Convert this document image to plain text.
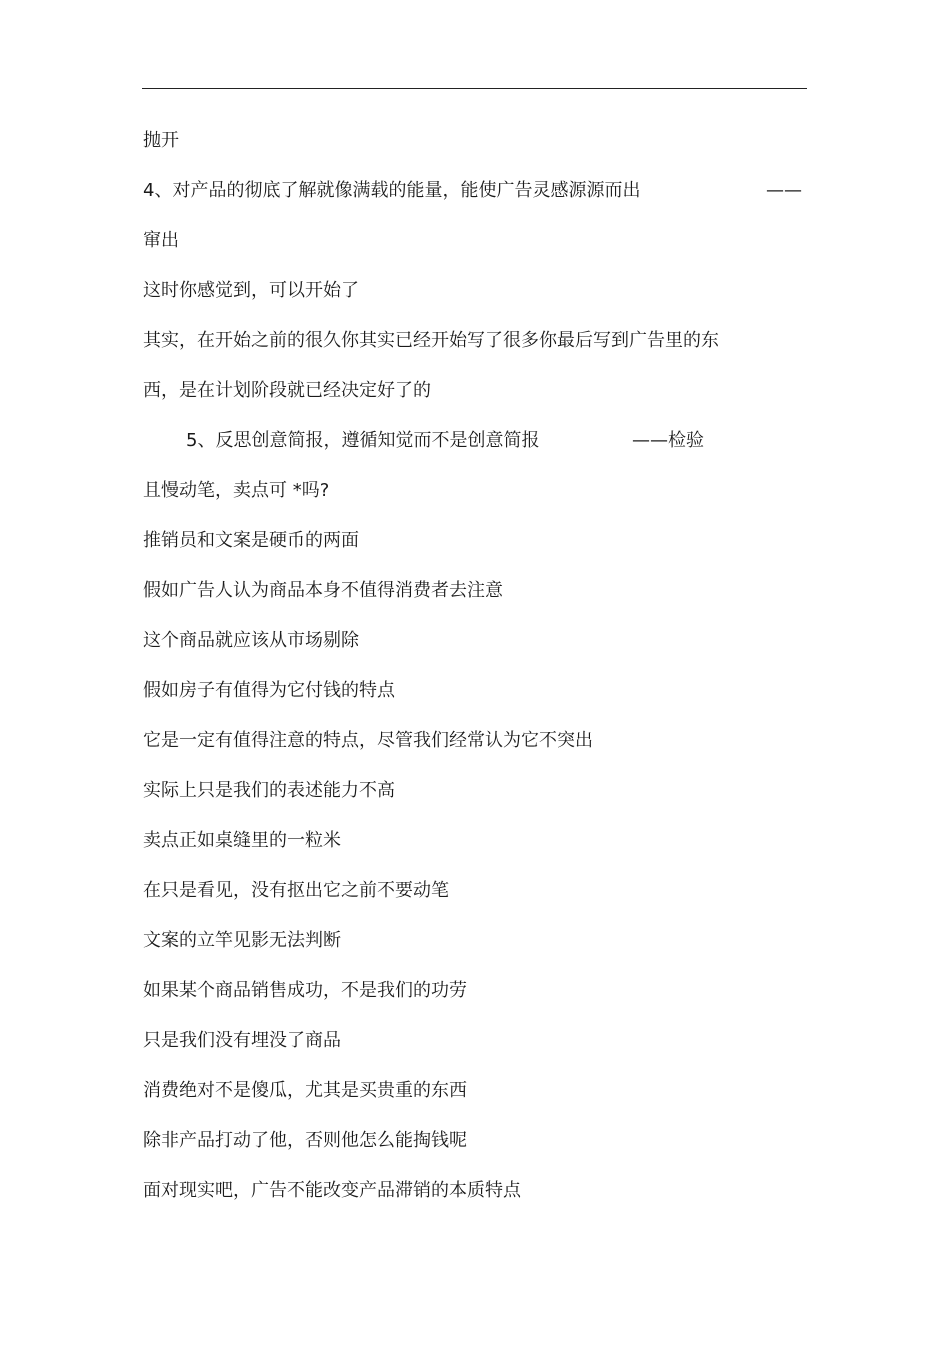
抛开
4、对产品的彻底了解就像满载的能量，能使广告灵感源源而出	——
窜出
这时你感觉到，可以开始了
其实，在开始之前的很久你其实已经开始写了很多你最后写到广告里的东
西，是在计划阶段就已经决定好了的
5、反思创意简报，遵循知觉而不是创意简报	——检验
且慢动笔，卖点可 *吗?
推销员和文案是硬币的两面
假如广告人认为商品本身不值得消费者去注意
这个商品就应该从市场剔除
假如房子有值得为它付钱的特点
它是一定有值得注意的特点，尽管我们经常认为它不突出
实际上只是我们的表述能力不高
卖点正如桌缝里的一粒米
在只是看见，没有抠出它之前不要动笔
文案的立竿见影无法判断
如果某个商品销售成功，不是我们的功劳
只是我们没有埋没了商品
消费绝对不是傻瓜，尤其是买贵重的东西
除非产品打动了他，否则他怎么能掏钱呢
面对现实吧，广告不能改变产品滞销的本质特点
